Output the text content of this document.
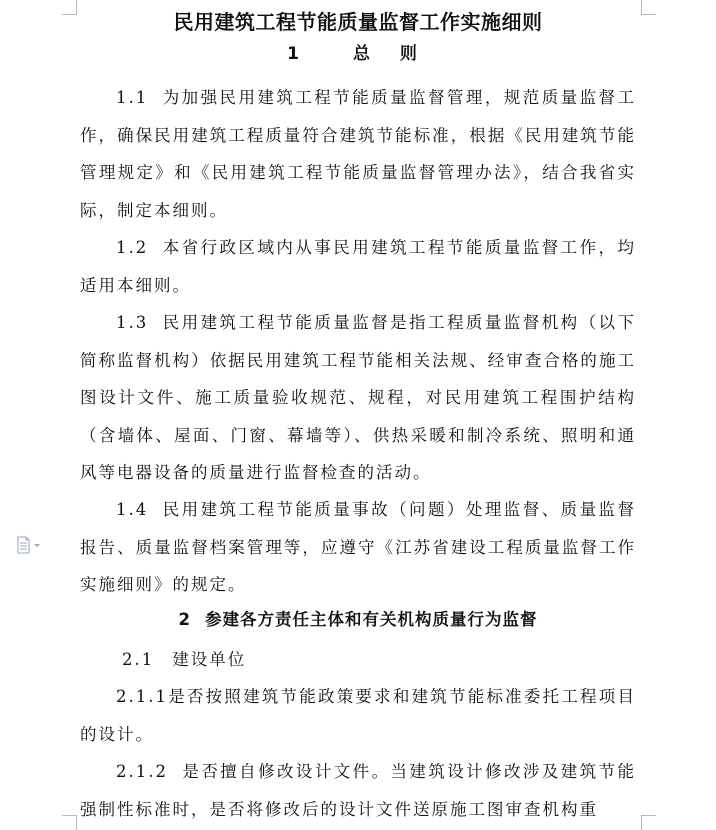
民用建筑工程节能质量监督工作实施细则
1	总 则
1.1 为加强民用建筑工程节能质量监督管理，规范质量监督工作，确保民用建筑工程质量符合建筑节能标准，根据《民用建筑节能管理规定》和《民用建筑工程节能质量监督管理办法》，结合我省实际，制定本细则。
1.2 本省行政区域内从事民用建筑工程节能质量监督工作，均适用本细则。
1.3 民用建筑工程节能质量监督是指工程质量监督机构（以下简称监督机构）依据民用建筑工程节能相关法规、经审查合格的施工图设计文件、施工质量验收规范、规程，对民用建筑工程围护结构（含墙体、屋面、门窗、幕墙等）、供热采暖和制冷系统、照明和通风等电器设备的质量进行监督检查的活动。
1.4 民用建筑工程节能质量事故（问题）处理监督、质量监督报告、质量监督档案管理等，应遵守《江苏省建设工程质量监督工作实施细则》的规定。
2 参建各方责任主体和有关机构质量行为监督
2.1 建设单位
2.1.1是否按照建筑节能政策要求和建筑节能标准委托工程项目的设计。
2.1.2 是否擅自修改设计文件。当建筑设计修改涉及建筑节能强制性标准时，是否将修改后的设计文件送原施工图审查机构重
